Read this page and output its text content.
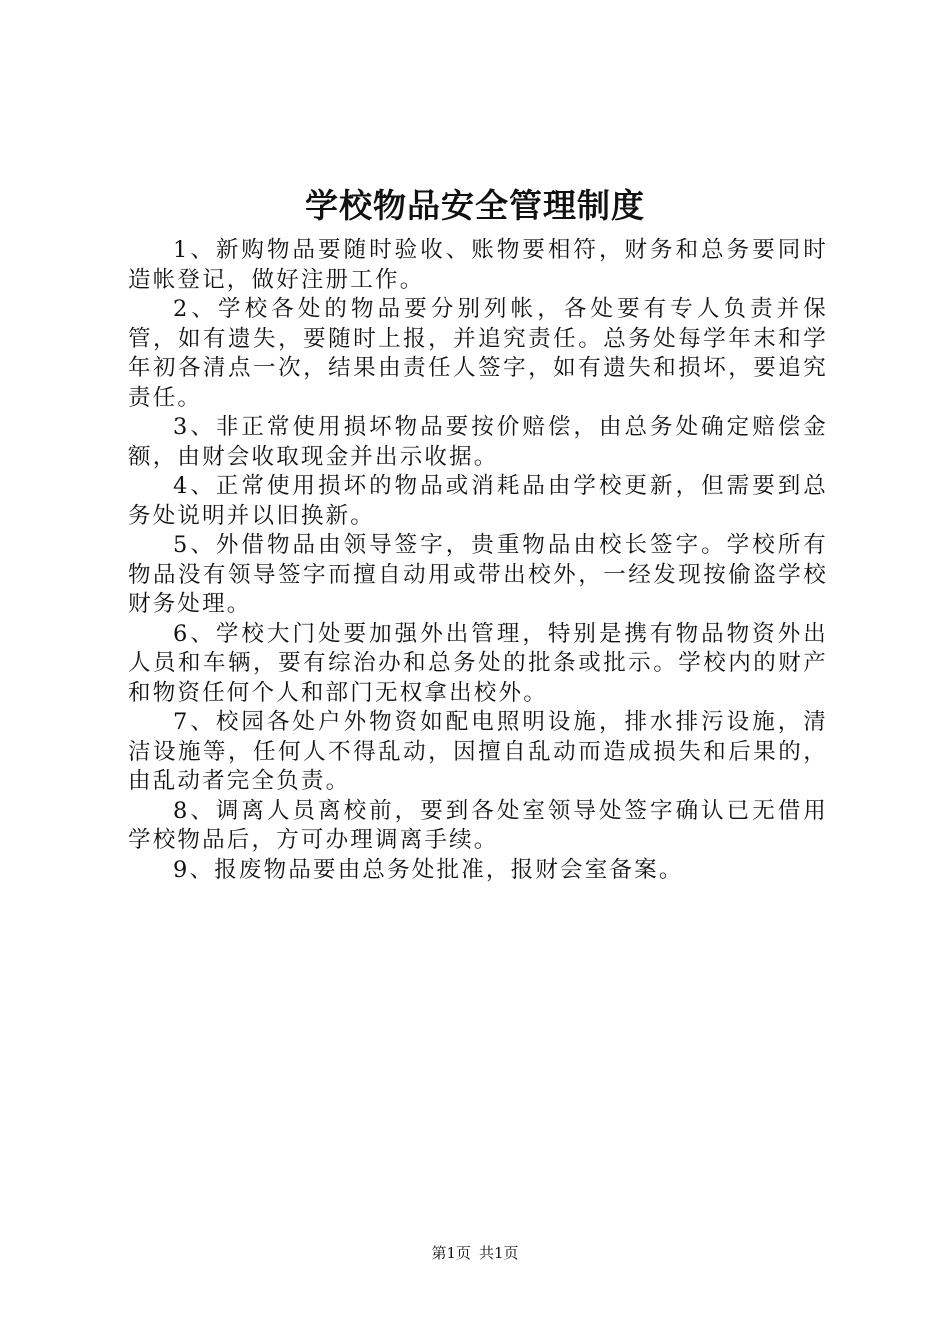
学校物品安全管理制度

1、新购物品要随时验收、账物要相符，财务和总务要同时造帐登记，做好注册工作。

2、学校各处的物品要分别列帐，各处要有专人负责并保管，如有遗失，要随时上报，并追究责任。总务处每学年末和学年初各清点一次，结果由责任人签字，如有遗失和损坏，要追究责任。

3、非正常使用损坏物品要按价赔偿，由总务处确定赔偿金额，由财会收取现金并出示收据。

4、正常使用损坏的物品或消耗品由学校更新，但需要到总务处说明并以旧换新。

5、外借物品由领导签字，贵重物品由校长签字。学校所有物品没有领导签字而擅自动用或带出校外，一经发现按偷盗学校财务处理。

6、学校大门处要加强外出管理，特别是携有物品物资外出人员和车辆，要有综治办和总务处的批条或批示。学校内的财产和物资任何个人和部门无权拿出校外。

7、校园各处户外物资如配电照明设施，排水排污设施，清洁设施等，任何人不得乱动，因擅自乱动而造成损失和后果的，由乱动者完全负责。

8、调离人员离校前，要到各处室领导处签字确认已无借用学校物品后，方可办理调离手续。

9、报废物品要由总务处批准，报财会室备案。

第1页 共1页
